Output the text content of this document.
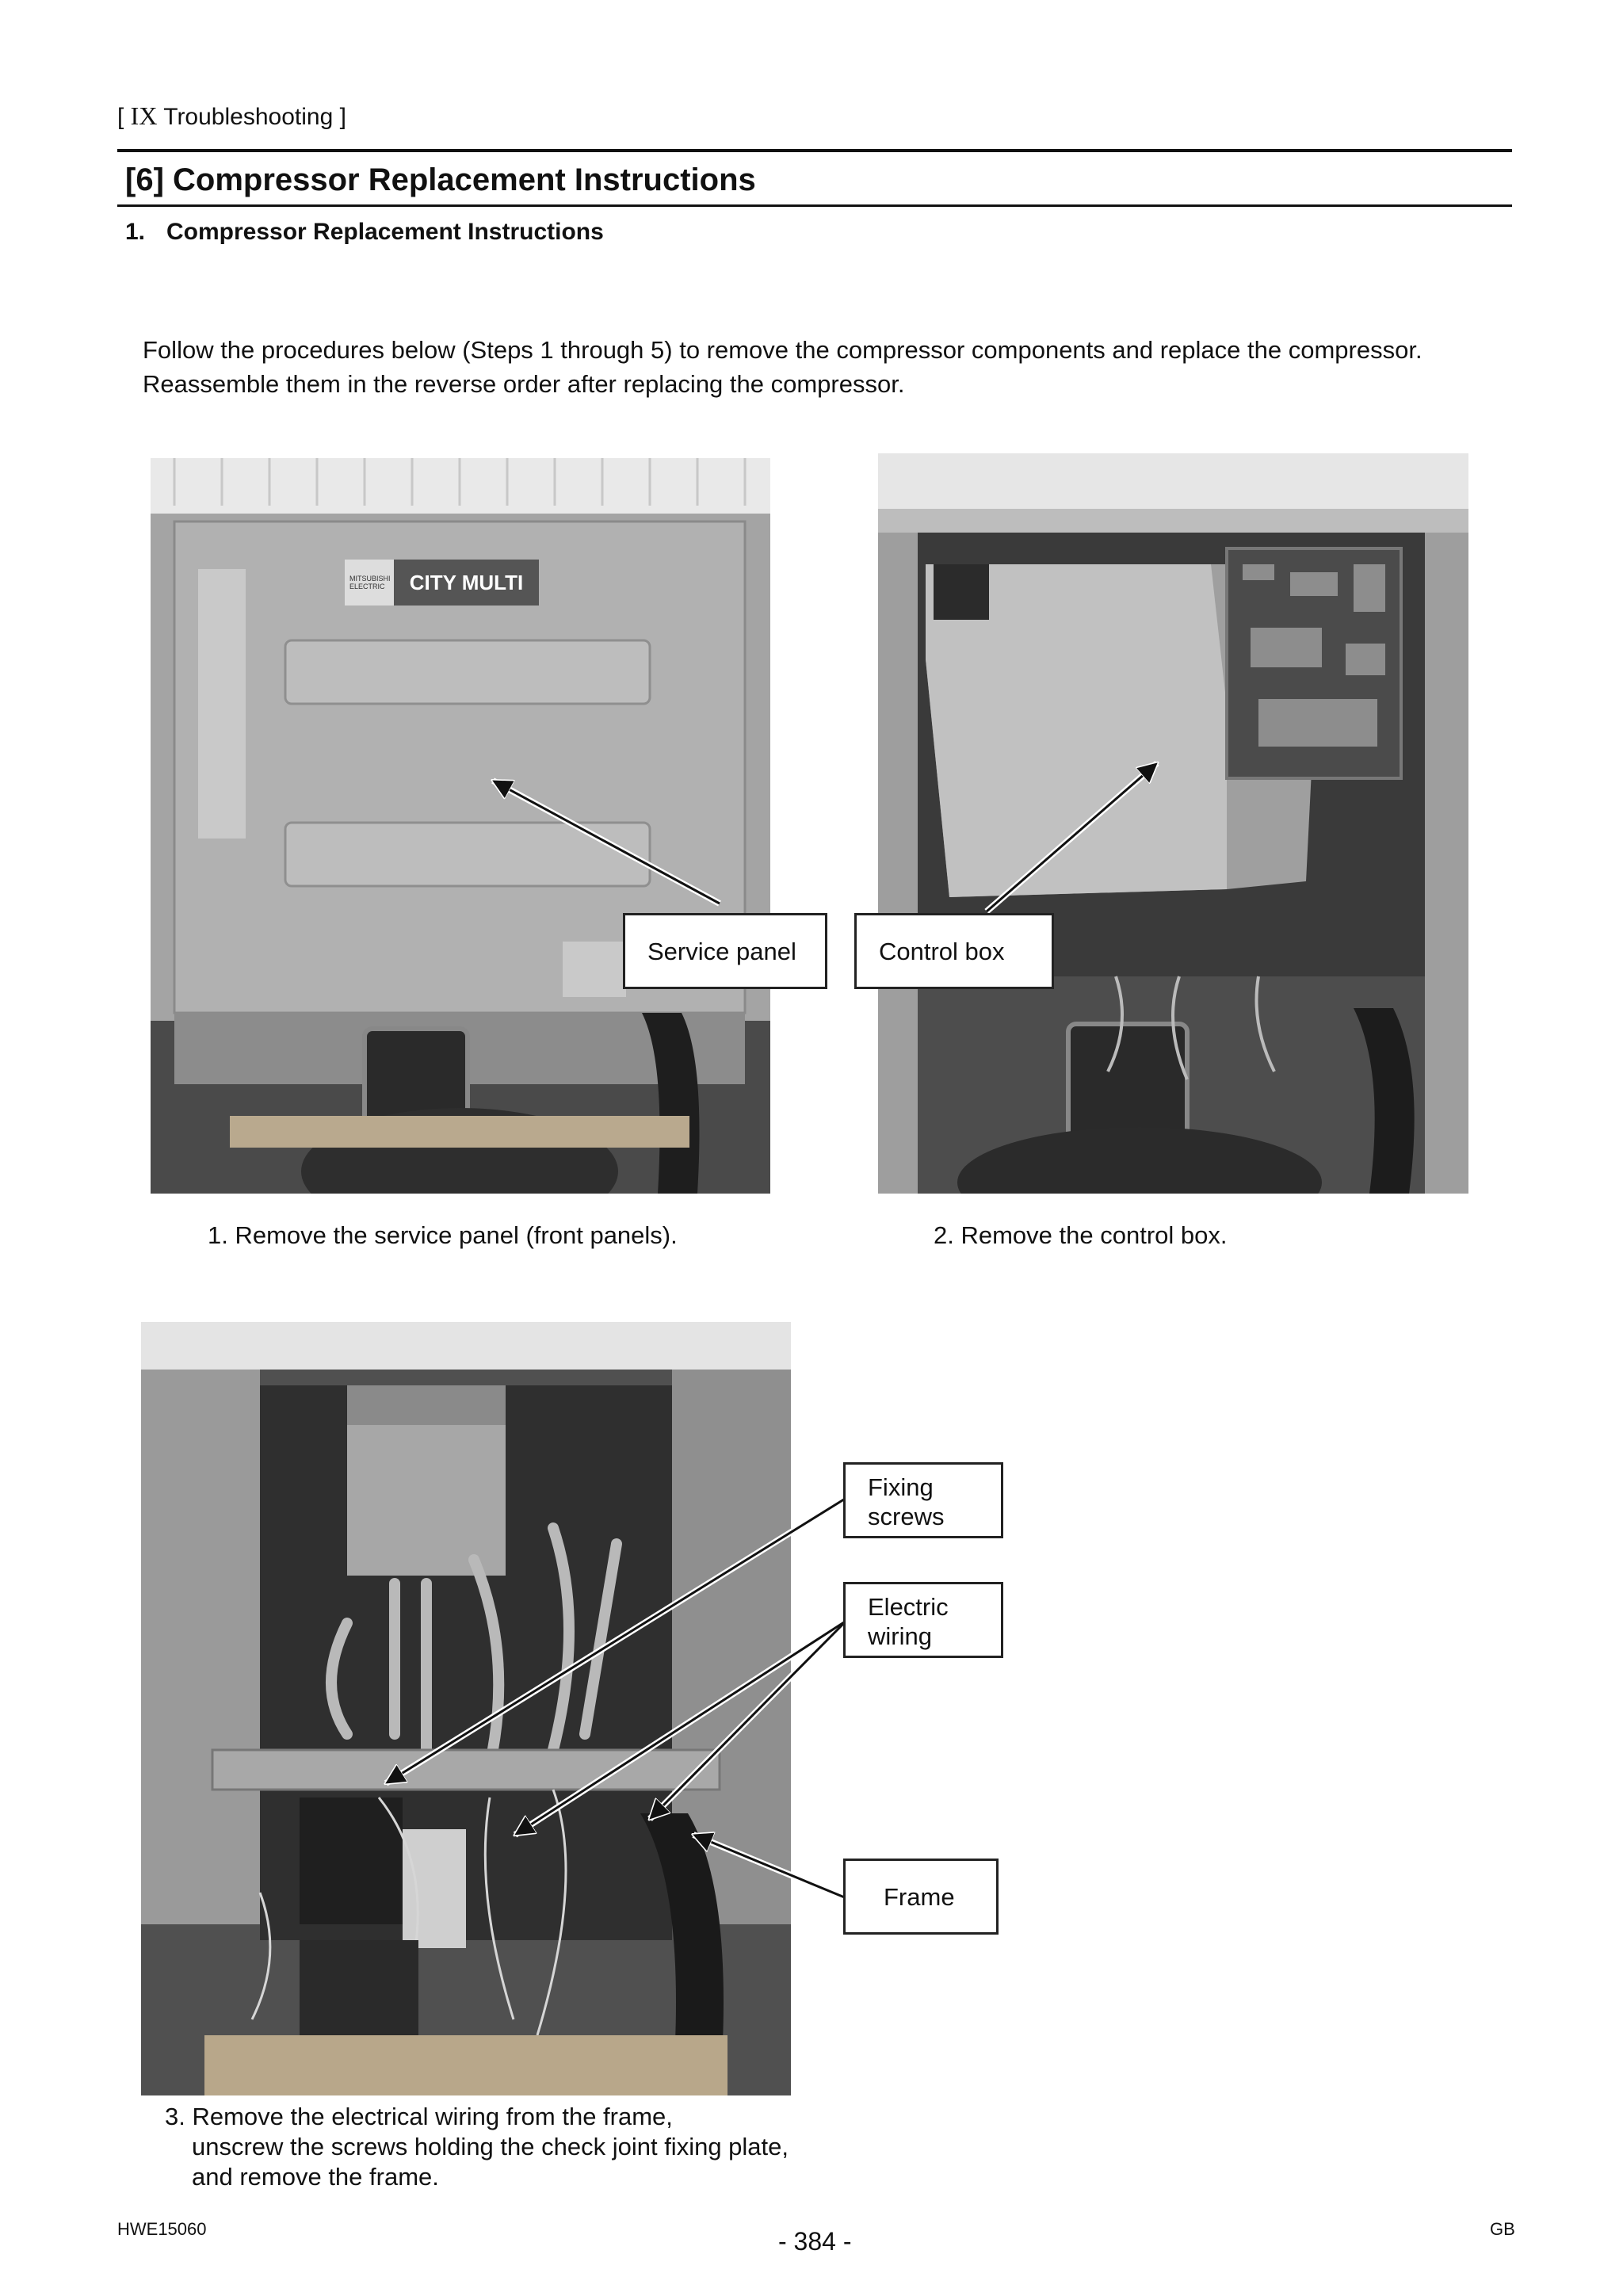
[ IX Troubleshooting ]
[6] Compressor Replacement Instructions
1. Compressor Replacement Instructions
Follow the procedures below (Steps 1 through 5) to remove the compressor components and replace the compressor.
Reassemble them in the reverse order after replacing the compressor.
MITSUBISHI ELECTRIC	CITY MULTI
Service panel	Control box
Fixing
screws
Electric
wiring
Frame
1. Remove the service panel (front panels).	2. Remove the control box.
3. Remove the electrical wiring from the frame,
unscrew the screws holding the check joint fixing plate,
and remove the frame.
HWE15060	- 384 -	GB
